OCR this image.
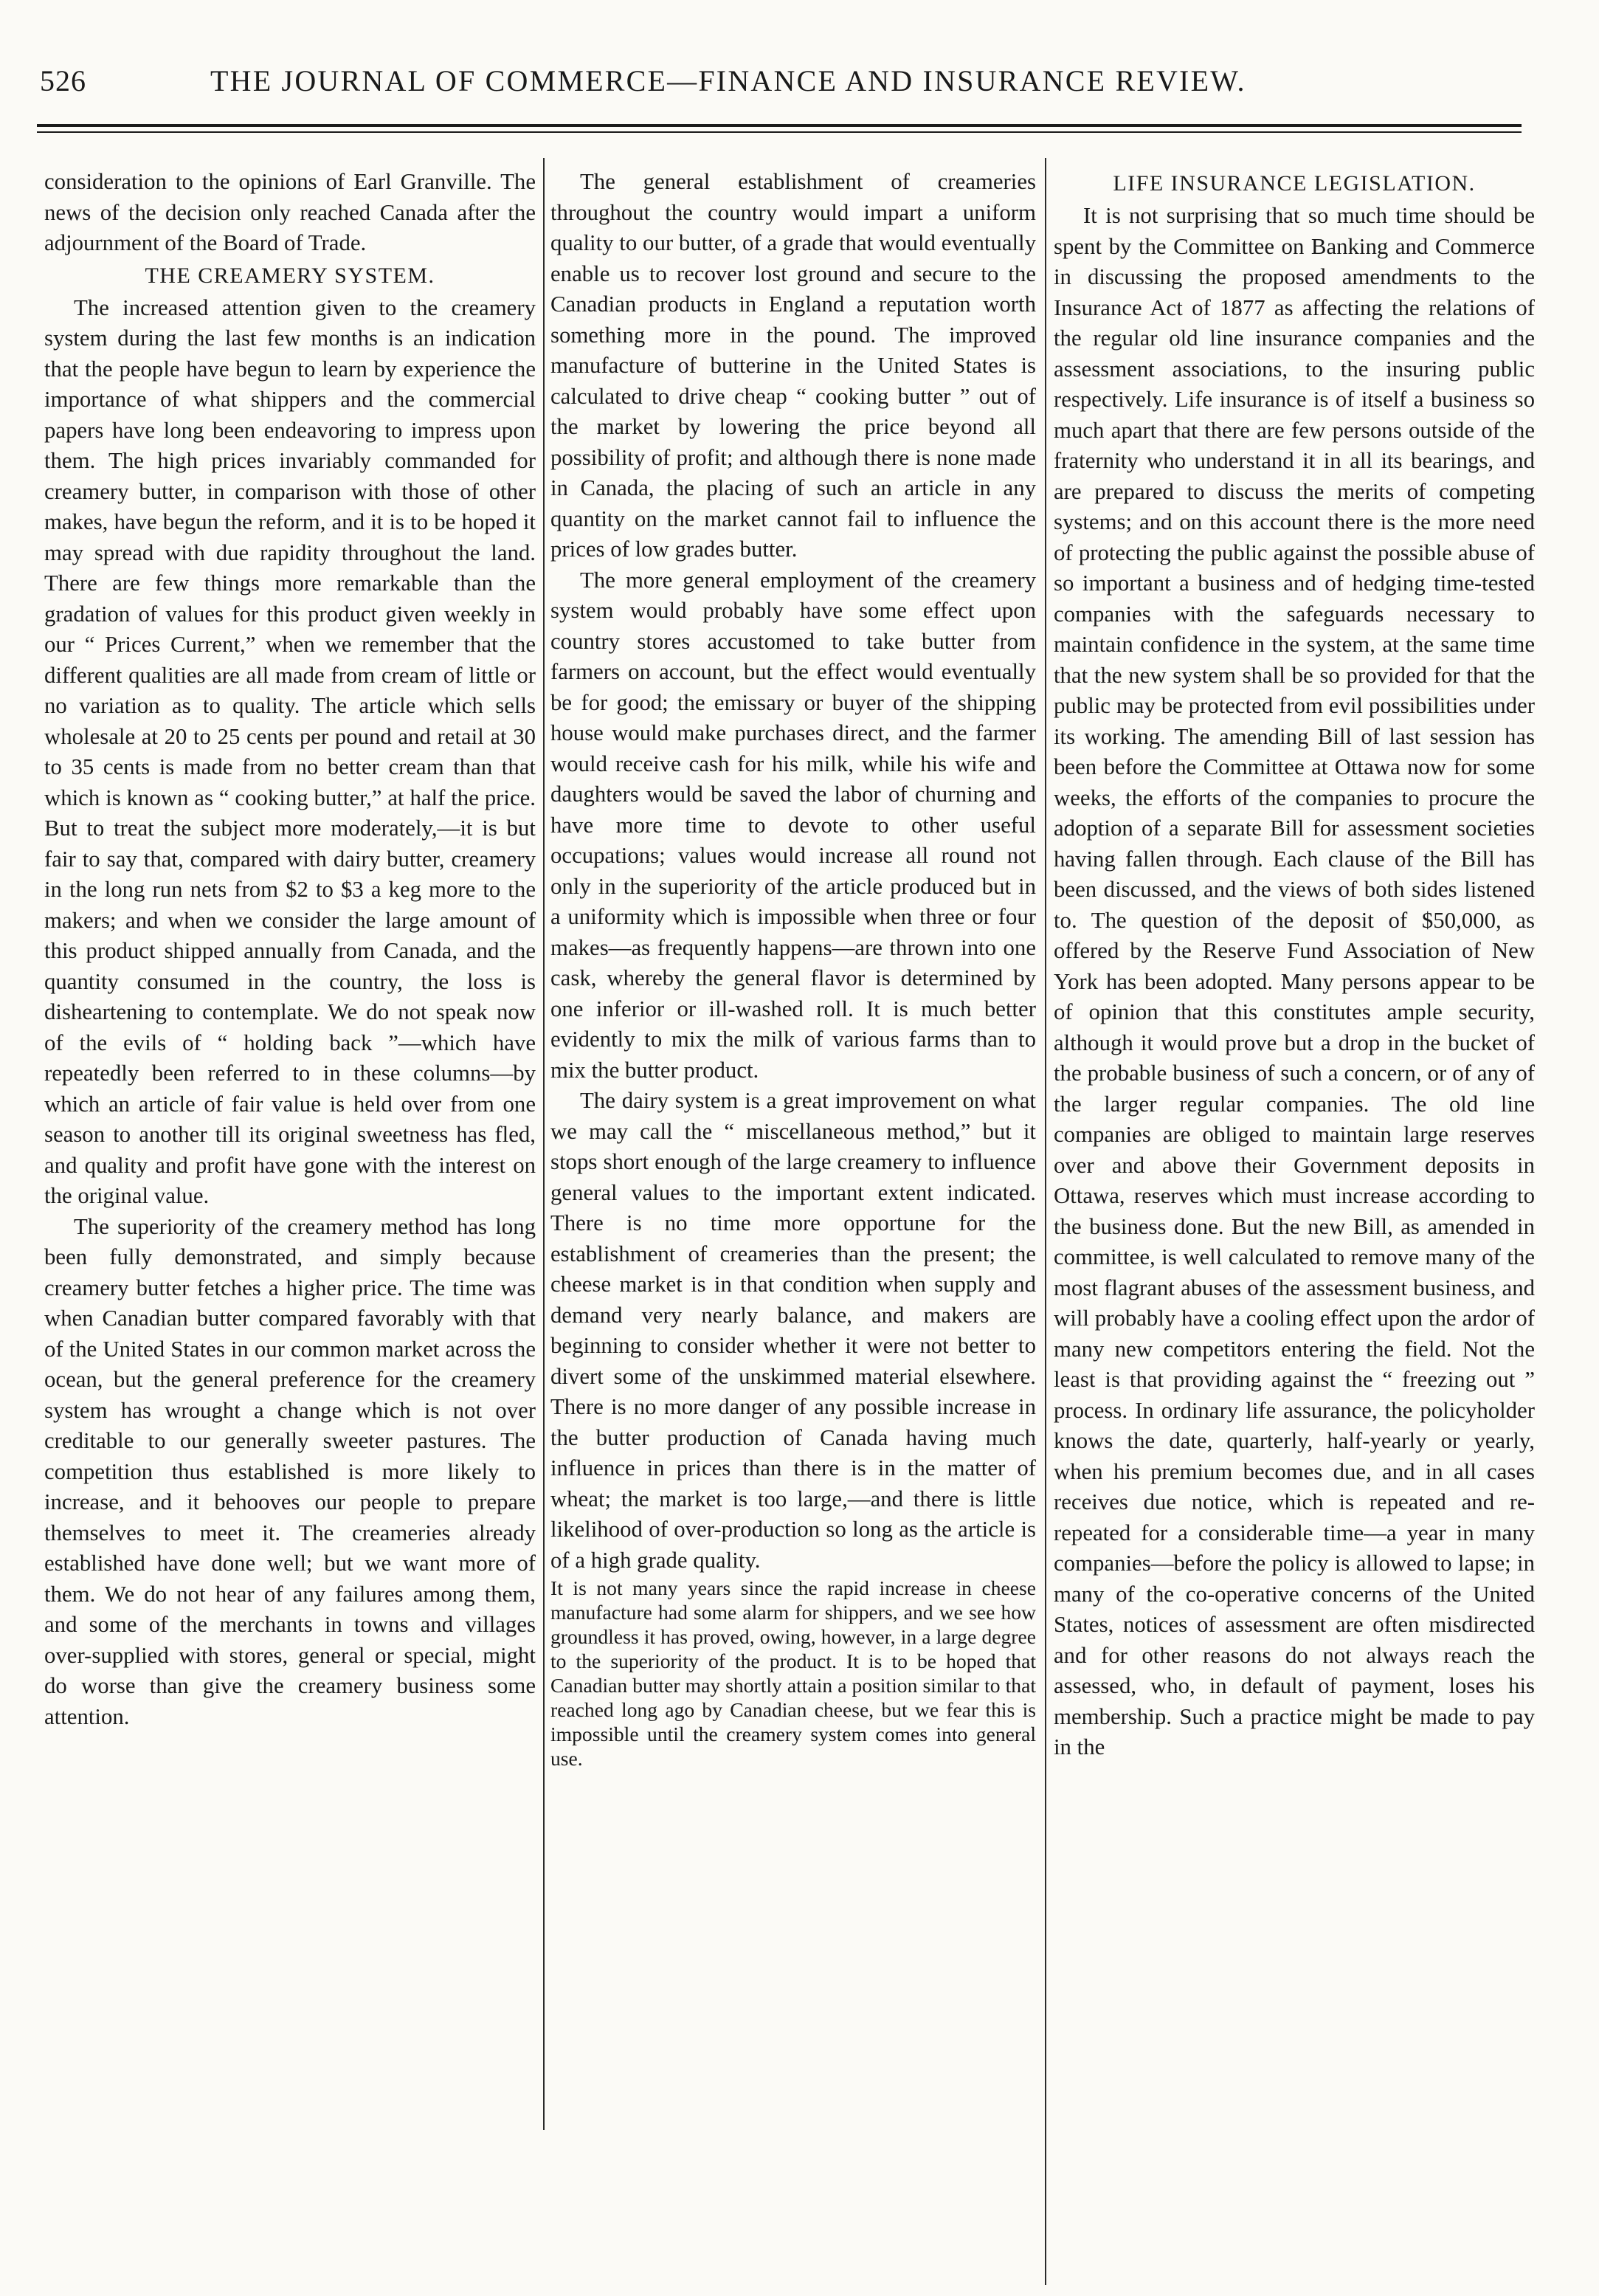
526	THE JOURNAL OF COMMERCE—FINANCE AND INSURANCE REVIEW.

consideration to the opinions of Earl Granville. The news of the decision only reached Canada after the adjournment of the Board of Trade.

THE CREAMERY SYSTEM.

The increased attention given to the creamery system during the last few months is an indication that the people have begun to learn by experience the importance of what shippers and the commercial papers have long been endeavoring to impress upon them. The high prices invariably commanded for creamery butter, in comparison with those of other makes, have begun the reform, and it is to be hoped it may spread with due rapidity throughout the land. There are few things more remarkable than the gradation of values for this product given weekly in our “ Prices Current,” when we remember that the different qualities are all made from cream of little or no variation as to quality. The article which sells wholesale at 20 to 25 cents per pound and retail at 30 to 35 cents is made from no better cream than that which is known as “ cooking butter,” at half the price. But to treat the subject more moderately,—it is but fair to say that, compared with dairy butter, creamery in the long run nets from $2 to $3 a keg more to the makers; and when we consider the large amount of this product shipped annually from Canada, and the quantity consumed in the country, the loss is disheartening to contemplate. We do not speak now of the evils of “ holding back ”—which have repeatedly been referred to in these columns—by which an article of fair value is held over from one season to another till its original sweetness has fled, and quality and profit have gone with the interest on the original value.

The superiority of the creamery method has long been fully demonstrated, and simply because creamery butter fetches a higher price. The time was when Canadian butter compared favorably with that of the United States in our common market across the ocean, but the general preference for the creamery system has wrought a change which is not over creditable to our generally sweeter pastures. The competition thus established is more likely to increase, and it behooves our people to prepare themselves to meet it. The creameries already established have done well; but we want more of them. We do not hear of any failures among them, and some of the merchants in towns and villages over-supplied with stores, general or special, might do worse than give the creamery business some attention.

The general establishment of creameries throughout the country would impart a uniform quality to our butter, of a grade that would eventually enable us to recover lost ground and secure to the Canadian products in England a reputation worth something more in the pound. The improved manufacture of butterine in the United States is calculated to drive cheap “ cooking butter ” out of the market by lowering the price beyond all possibility of profit; and although there is none made in Canada, the placing of such an article in any quantity on the market cannot fail to influence the prices of low grades butter.

The more general employment of the creamery system would probably have some effect upon country stores accustomed to take butter from farmers on account, but the effect would eventually be for good; the emissary or buyer of the shipping house would make purchases direct, and the farmer would receive cash for his milk, while his wife and daughters would be saved the labor of churning and have more time to devote to other useful occupations; values would increase all round not only in the superiority of the article produced but in a uniformity which is impossible when three or four makes—as frequently happens—are thrown into one cask, whereby the general flavor is determined by one inferior or ill-washed roll. It is much better evidently to mix the milk of various farms than to mix the butter product.

The dairy system is a great improvement on what we may call the “ miscellaneous method,” but it stops short enough of the large creamery to influence general values to the important extent indicated. There is no time more opportune for the establishment of creameries than the present; the cheese market is in that condition when supply and demand very nearly balance, and makers are beginning to consider whether it were not better to divert some of the unskimmed material elsewhere. There is no more danger of any possible increase in the butter production of Canada having much influence in prices than there is in the matter of wheat; the market is too large,—and there is little likelihood of over-production so long as the article is of a high grade quality.

It is not many years since the rapid increase in cheese manufacture had some alarm for shippers, and we see how groundless it has proved, owing, however, in a large degree to the superiority of the product. It is to be hoped that Canadian butter may shortly attain a position similar to that reached long ago by Canadian cheese, but we fear this is impossible until the creamery system comes into general use.

LIFE INSURANCE LEGISLATION.

It is not surprising that so much time should be spent by the Committee on Banking and Commerce in discussing the proposed amendments to the Insurance Act of 1877 as affecting the relations of the regular old line insurance companies and the assessment associations, to the insuring public respectively. Life insurance is of itself a business so much apart that there are few persons outside of the fraternity who understand it in all its bearings, and are prepared to discuss the merits of competing systems; and on this account there is the more need of protecting the public against the possible abuse of so important a business and of hedging time-tested companies with the safeguards necessary to maintain confidence in the system, at the same time that the new system shall be so provided for that the public may be protected from evil possibilities under its working. The amending Bill of last session has been before the Committee at Ottawa now for some weeks, the efforts of the companies to procure the adoption of a separate Bill for assessment societies having fallen through. Each clause of the Bill has been discussed, and the views of both sides listened to. The question of the deposit of $50,000, as offered by the Reserve Fund Association of New York has been adopted. Many persons appear to be of opinion that this constitutes ample security, although it would prove but a drop in the bucket of the probable business of such a concern, or of any of the larger regular companies. The old line companies are obliged to maintain large reserves over and above their Government deposits in Ottawa, reserves which must increase according to the business done. But the new Bill, as amended in committee, is well calculated to remove many of the most flagrant abuses of the assessment business, and will probably have a cooling effect upon the ardor of many new competitors entering the field. Not the least is that providing against the “ freezing out ” process. In ordinary life assurance, the policyholder knows the date, quarterly, half-yearly or yearly, when his premium becomes due, and in all cases receives due notice, which is repeated and re-repeated for a considerable time—a year in many companies—before the policy is allowed to lapse; in many of the co-operative concerns of the United States, notices of assessment are often misdirected and for other reasons do not always reach the assessed, who, in default of payment, loses his membership. Such a practice might be made to pay in the
